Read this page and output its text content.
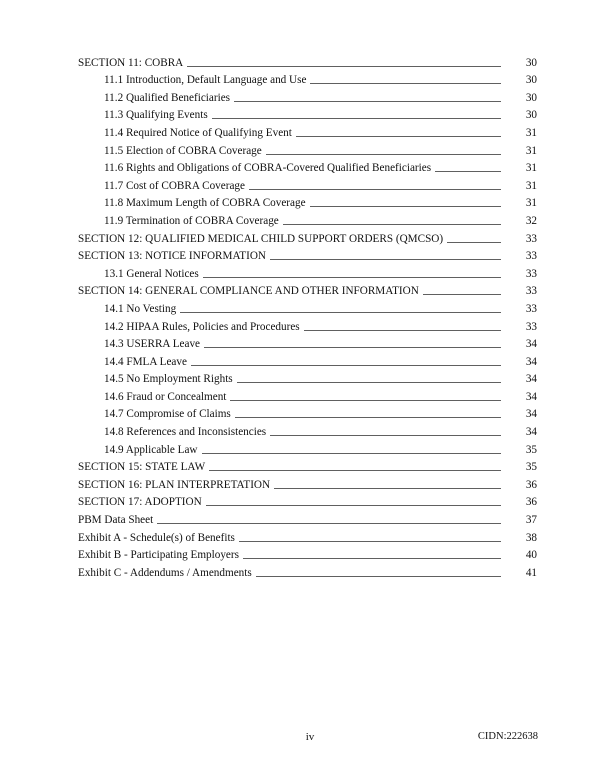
SECTION 11: COBRA	30
11.1 Introduction, Default Language and Use	30
11.2 Qualified Beneficiaries	30
11.3 Qualifying Events	30
11.4 Required Notice of Qualifying Event	31
11.5 Election of COBRA Coverage	31
11.6 Rights and Obligations of COBRA-Covered Qualified Beneficiaries	31
11.7 Cost of COBRA Coverage	31
11.8 Maximum Length of COBRA Coverage	31
11.9 Termination of COBRA Coverage	32
SECTION 12: QUALIFIED MEDICAL CHILD SUPPORT ORDERS (QMCSO)	33
SECTION 13: NOTICE INFORMATION	33
13.1 General Notices	33
SECTION 14: GENERAL COMPLIANCE AND OTHER INFORMATION	33
14.1 No Vesting	33
14.2 HIPAA Rules, Policies and Procedures	33
14.3 USERRA Leave	34
14.4 FMLA Leave	34
14.5 No Employment Rights	34
14.6 Fraud or Concealment	34
14.7 Compromise of Claims	34
14.8 References and Inconsistencies	34
14.9 Applicable Law	35
SECTION 15: STATE LAW	35
SECTION 16: PLAN INTERPRETATION	36
SECTION 17: ADOPTION	36
PBM Data Sheet	37
Exhibit A - Schedule(s) of Benefits	38
Exhibit B - Participating Employers	40
Exhibit C - Addendums / Amendments	41
iv	CIDN:222638
